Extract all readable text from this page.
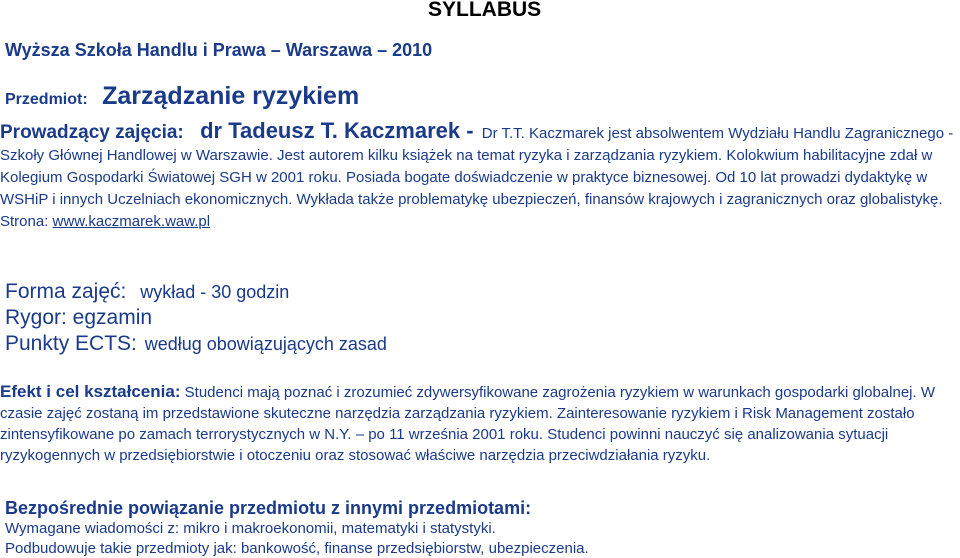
SYLLABUS
Wyższa Szkoła Handlu i Prawa – Warszawa – 2010
Przedmiot: Zarządzanie ryzykiem
Prowadzący zajęcia: dr Tadeusz T. Kaczmarek - Dr T.T. Kaczmarek jest absolwentem Wydziału Handlu Zagranicznego - Szkoły Głównej Handlowej w Warszawie. Jest autorem kilku książek na temat ryzyka i zarządzania ryzykiem. Kolokwium habilitacyjne zdał w Kolegium Gospodarki Światowej SGH w 2001 roku. Posiada bogate doświadczenie w praktyce biznesowej. Od 10 lat prowadzi dydaktykę w WSHiP i innych Uczelniach ekonomicznych. Wykłada także problematykę ubezpieczeń, finansów krajowych i zagranicznych oraz globalistykę.
Strona: www.kaczmarek.waw.pl
Forma zajęć: wykład - 30 godzin
Rygor: egzamin
Punkty ECTS: według obowiązujących zasad
Efekt i cel kształcenia: Studenci mają poznać i zrozumieć zdywersyfikowane zagrożenia ryzykiem w warunkach gospodarki globalnej. W czasie zajęć zostaną im przedstawione skuteczne narzędzia zarządzania ryzykiem. Zainteresowanie ryzykiem i Risk Management zostało zintensyfikowane po zamach terrorystycznych w N.Y. – po 11 września 2001 roku. Studenci powinni nauczyć się analizowania sytuacji ryzykogennych w przedsiębiorstwie i otoczeniu oraz stosować właściwe narzędzia przeciwdziałania ryzyku.
Bezpośrednie powiązanie przedmiotu z innymi przedmiotami:
Wymagane wiadomości z: mikro i makroekonomii, matematyki i statystyki.
Podbudowuje takie przedmioty jak: bankowość, finanse przedsiębiorstw, ubezpieczenia.
